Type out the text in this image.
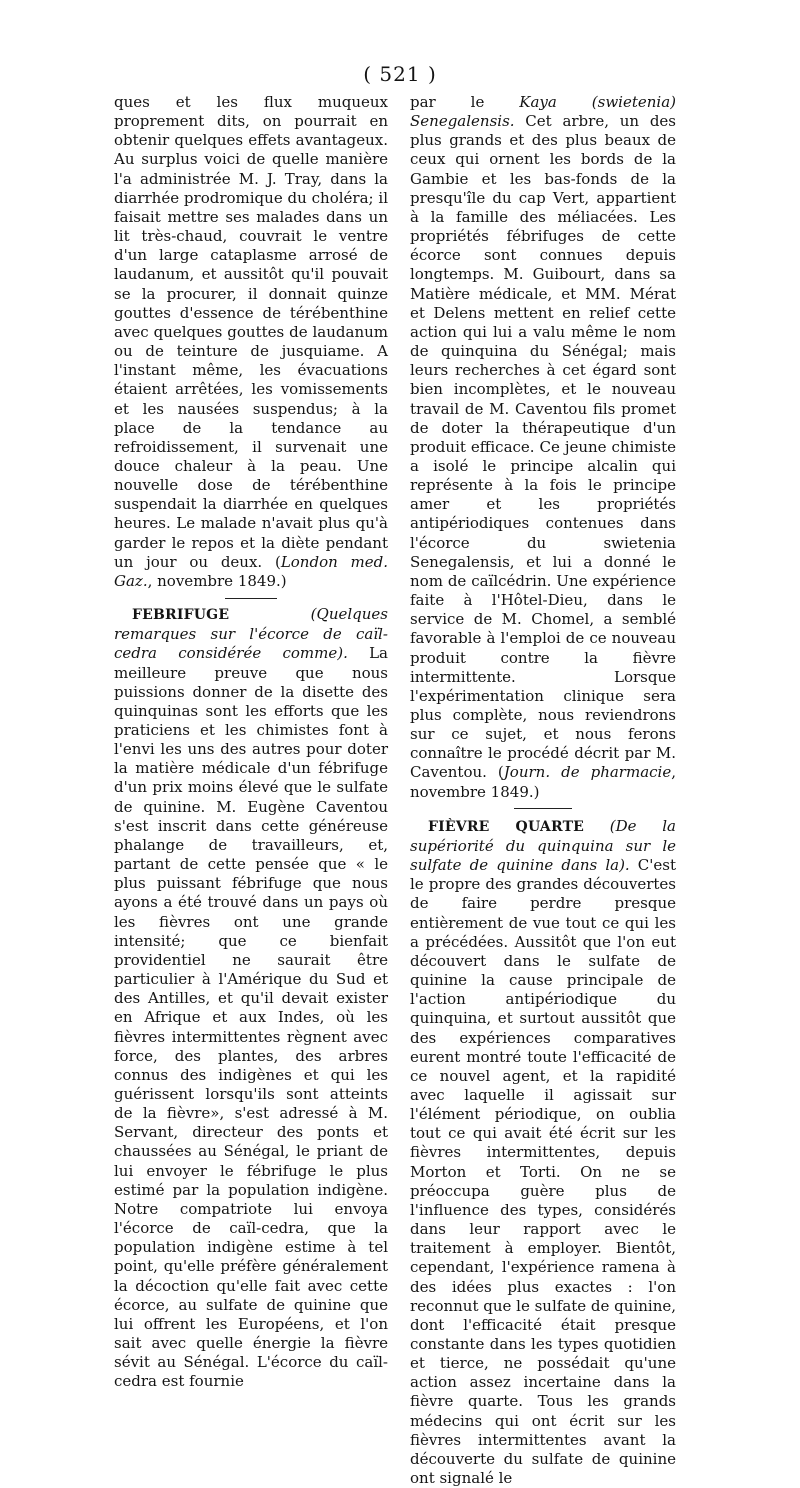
( 521 )

ques et les flux muqueux proprement dits, on pourrait en obtenir quelques effets avantageux. Au surplus voici de quelle manière l'a administrée M. J. Tray, dans la diarrhée prodromique du choléra; il faisait mettre ses malades dans un lit très-chaud, couvrait le ventre d'un large cataplasme arrosé de laudanum, et aussitôt qu'il pouvait se la procurer, il donnait quinze gouttes d'essence de térébenthine avec quelques gouttes de laudanum ou de teinture de jusquiame. A l'instant même, les évacuations étaient arrêtées, les vomissements et les nausées suspendus; à la place de la tendance au refroidissement, il survenait une douce chaleur à la peau. Une nouvelle dose de térébenthine suspendait la diarrhée en quelques heures. Le malade n'avait plus qu'à garder le repos et la diète pendant un jour ou deux. (London med. Gaz., novembre 1849.)

FEBRIFUGE	(Quelques remarques sur l'écorce de caïl-cedra considérée comme). La meilleure preuve que nous puissions donner de la disette des quinquinas sont les efforts que les praticiens et les chimistes font à l'envi les uns des autres pour doter la matière médicale d'un fébrifuge d'un prix moins élevé que le sulfate de quinine. M. Eugène Caventou s'est inscrit dans cette généreuse phalange de travailleurs, et, partant de cette pensée que « le plus puissant fébrifuge que nous ayons a été trouvé dans un pays où les fièvres ont une grande intensité; que ce bienfait providentiel ne saurait être particulier à l'Amérique du Sud et des Antilles, et qu'il devait exister en Afrique et aux Indes, où les fièvres intermittentes règnent avec force, des plantes, des arbres connus des indigènes et qui les guérissent lorsqu'ils sont atteints de la fièvre», s'est adressé à M. Servant, directeur des ponts et chaussées au Sénégal, le priant de lui envoyer le fébrifuge le plus estimé par la population indigène. Notre compatriote lui envoya l'écorce de caïl-cedra, que la population indigène estime à tel point, qu'elle préfère généralement la décoction qu'elle fait avec cette écorce, au sulfate de quinine que lui offrent les Européens, et l'on sait avec quelle énergie la fièvre sévit au Sénégal. L'écorce du caïl- cedra est fournie

par le Kaya (swietenia) Senegalensis. Cet arbre, un des plus grands et des plus beaux de ceux qui ornent les bords de la Gambie et les bas-fonds de la presqu'île du cap Vert, appartient à la famille des méliacées. Les propriétés fébrifuges de cette écorce sont connues depuis longtemps. M. Guibourt, dans sa Matière médicale, et MM. Mérat et Delens mettent en relief cette action qui lui a valu même le nom de quinquina du Sénégal; mais leurs recherches à cet égard sont bien incomplètes, et le nouveau travail de M. Caventou fils promet de doter la thérapeutique d'un produit efficace. Ce jeune chimiste a isolé le principe alcalin qui représente à la fois le principe amer et les propriétés antipériodiques contenues dans l'écorce du swietenia Senegalensis, et lui a donné le nom de caïlcédrin. Une expérience faite à l'Hôtel-Dieu, dans le service de M. Chomel, a semblé favorable à l'emploi de ce nouveau produit contre la fièvre intermittente. Lorsque l'expérimentation clinique sera plus complète, nous reviendrons sur ce sujet, et nous ferons connaître le procédé décrit par M. Caventou. (Journ. de pharmacie, novembre 1849.)

FIÈVRE QUARTE (De la supériorité du quinquina sur le sulfate de quinine dans la). C'est le propre des grandes découvertes de faire perdre presque entièrement de vue tout ce qui les a précédées. Aussitôt que l'on eut découvert dans le sulfate de quinine la cause principale de l'action antipériodique du quinquina, et surtout aussitôt que des expériences comparatives eurent montré toute l'efficacité de ce nouvel agent, et la rapidité avec laquelle il agissait sur l'élément périodique, on oublia tout ce qui avait été écrit sur les fièvres intermittentes, depuis Morton et Torti. On ne se préoccupa guère plus de l'influence des types, considérés dans leur rapport avec le traitement à employer. Bientôt, cependant, l'expérience ramena à des idées plus exactes : l'on reconnut que le sulfate de quinine, dont l'efficacité était presque constante dans les types quotidien et tierce, ne possédait qu'une action assez incertaine dans la fièvre quarte. Tous les grands médecins qui ont écrit sur les fièvres intermittentes avant la découverte du sulfate de quinine ont signalé le
